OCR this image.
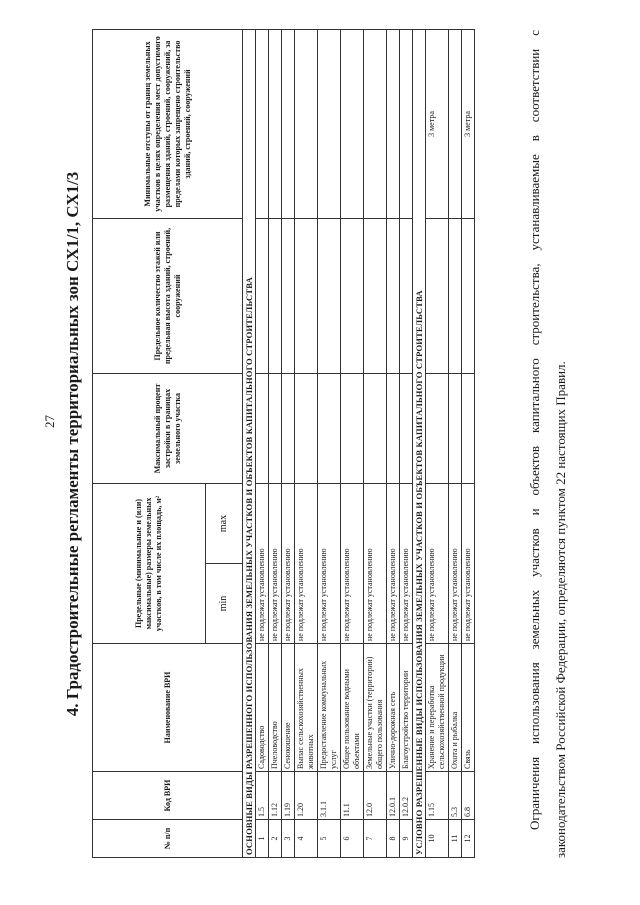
27 4. Градостроительные регламенты территориальных зон СХ1/1, СХ1/3
№ п/п	Код ВРИ	Наименование ВРИ	Предельные (минимальные и (или) максимальные) размеры земельных участков, в том числе их площадь, м²		Максимальный процент застройки в границах земельного участка	Предельное количество этажей или предельная высота зданий, строений, сооружений	Минимальные отступы от границ земельных участков в целях определения мест допустимого размещения зданий, строений, сооружений, за пределами которых запрещено строительство зданий, строений, сооружений
			min	max			
ОСНОВНЫЕ ВИДЫ РАЗРЕШЕННОГО ИСПОЛЬЗОВАНИЯ ЗЕМЕЛЬНЫХ УЧАСТКОВ И ОБЪЕКТОВ КАПИТАЛЬНОГО СТРОИТЕЛЬСТВА							
1	1.5	Садоводство	не подлежат установлению				
2	1.12	Пчеловодство	не подлежат установлению				
3	1.19	Сенокошение	не подлежат установлению				
4	1.20	Выпас сельскохозяйственных животных	не подлежат установлению				
5	3.1.1	Предоставление коммунальных услуг	не подлежат установлению				
6	11.1	Общее пользование водными объектами	не подлежат установлению				
7	12.0	Земельные участки (территории) общего пользования	не подлежат установлению				
8	12.0.1	Улично-дорожная сеть	не подлежат установлению				
9	12.0.2	Благоустройство территории	не подлежат установлению				
УСЛОВНО РАЗРЕШЕННЫЕ ВИДЫ ИСПОЛЬЗОВАНИЯ ЗЕМЕЛЬНЫХ УЧАСТКОВ И ОБЪЕКТОВ КАПИТАЛЬНОГО СТРОИТЕЛЬСТВА							
10	1.15	Хранение и переработка сельскохозяйственной продукции	не подлежат установлению				3 метра
11	5.3	Охота и рыбалка	не подлежат установлению				
12	6.8	Связь	не подлежат установлению				3 метра	Ограничения использования земельных участков и объектов капитального строительства, устанавливаемые в соответствии с законодательством Российской Федерации, определяются пунктом 22 настоящих Правил.
